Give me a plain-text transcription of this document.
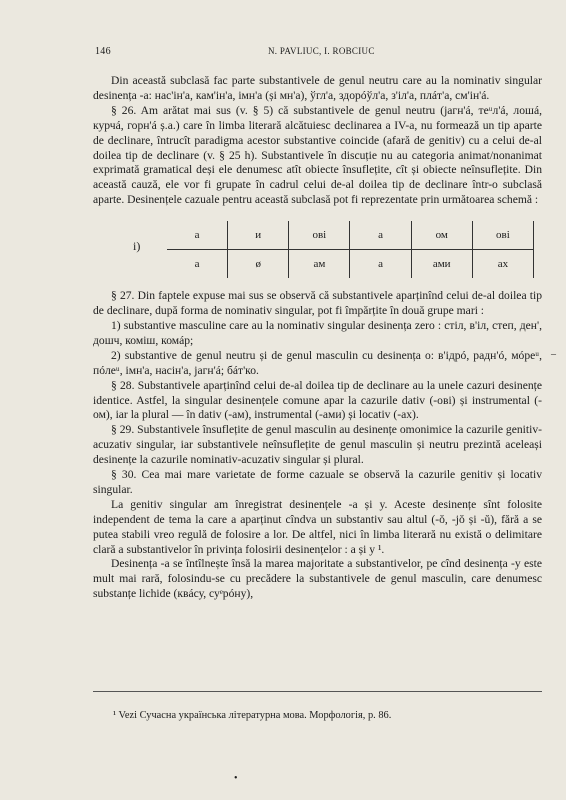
146	N. PAVLIUC, I. ROBCIUC

Din această subclasă fac parte substantivele de genul neutru care au la nominativ singular desinența -a: нас'ін'а, кам'ін'а, імн'а (și мн'а), ўгл'а, здорóўл'а, з'іл'а, плáт'а, см'ін'á.

§ 26. Am arătat mai sus (v. § 5) că substantivele de genul neutru (jагн'á, теᵘл'á, лошá, курчá, горн'á ș.a.) care în limba literară alcătuiesc declinarea a IV-a, nu formează un tip aparte de declinare, întrucît paradigma acestor substantive coincide (afară de genitiv) cu a celui de-al doilea tip de declinare (v. § 25 h). Substantivele în discuție nu au categoria animat/nonanimat exprimată gramatical deși ele denumesc atît obiecte însuflețite, cît și obiecte neînsuflețite. Din această cauză, ele vor fi grupate în cadrul celui de-al doilea tip de declinare într-o subclasă aparte. Desinențele cazuale pentru această subclasă pot fi reprezentate prin următoarea schemă :

i)
а	и	ові	а	ом	ові
а	ø	ам	а	ами	ах

§ 27. Din faptele expuse mai sus se observă că substantivele aparținînd celui de-al doilea tip de declinare, după forma de nominativ singular, pot fi împărțite în două grupe mari :

1) substantive masculine care au la nominativ singular desinența zero : стіл, в'іл, степ, ден', дошч, коміш, комáр;

2) substantive de genul neutru și de genul masculin cu desinența o: в'ідрó, радн'ó, мóреᵘ, пóлеᵘ, імн'а, насін'а, jагн'á; бáт'ко.

§ 28. Substantivele aparținînd celui de-al doilea tip de declinare au la unele cazuri desinențe identice. Astfel, la singular desinențele comune apar la cazurile dativ (-ові) și instrumental (-ом), iar la plural — în dativ (-ам), instrumental (-ами) și locativ (-ах).

§ 29. Substantivele însuflețite de genul masculin au desinențe omonimice la cazurile genitiv-acuzativ singular, iar substantivele neînsuflețite de genul masculin și neutru prezintă aceleași desinențe la cazurile nominativ-acuzativ singular și plural.

§ 30. Cea mai mare varietate de forme cazuale se observă la cazurile genitiv și locativ singular.

La genitiv singular am înregistrat desinențele -a și y. Aceste desinențe sînt folosite independent de tema la care a aparținut cîndva un substantiv sau altul (-ŏ, -jŏ și -ŭ), fără a se putea stabili vreo regulă de folosire a lor. De altfel, nici în limba literară nu există o delimitare clară a substantivelor în privința folosirii desinențelor : a și y ¹.

Desinența -a se întîlnește însă la marea majoritate a substantivelor, pe cînd desinența -y este mult mai rară, folosindu-se cu precădere la substantivele de genul masculin, care denumesc substanțe lichide (квáсу, суᵉрóну),

¹ Vezi Сучасна українська літературна мова. Морфологія, p. 86.
–
•
